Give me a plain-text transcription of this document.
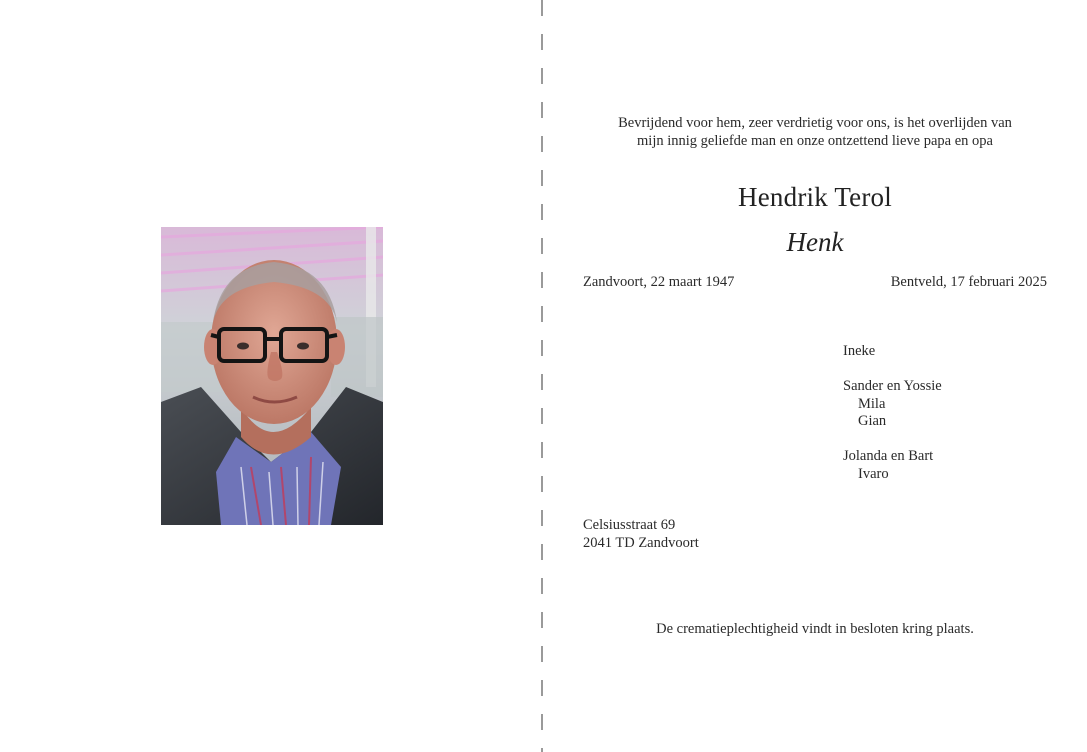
Bevrijdend voor hem, zeer verdrietig voor ons, is het overlijden van
mijn innig geliefde man en onze ontzettend lieve papa en opa
Hendrik Terol
Henk
Zandvoort, 22 maart 1947	Bentveld, 17 februari 2025
Ineke
Sander en Yossie
Mila
Gian
Jolanda en Bart
Ivaro
Celsiusstraat 69
2041 TD Zandvoort
De crematieplechtigheid vindt in besloten kring plaats.
